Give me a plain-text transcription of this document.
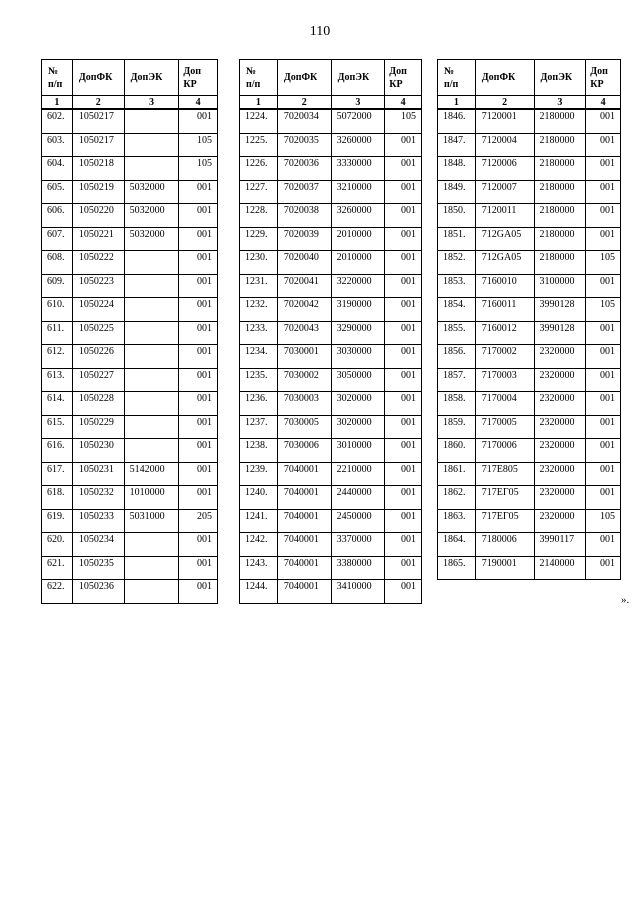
110
№
п/п	ДопФК	ДопЭК	Доп
КР
1	2	3	4
602.	1050217		001
603.	1050217		105
604.	1050218		105
605.	1050219	5032000	001
606.	1050220	5032000	001
607.	1050221	5032000	001
608.	1050222		001
609.	1050223		001
610.	1050224		001
611.	1050225		001
612.	1050226		001
613.	1050227		001
614.	1050228		001
615.	1050229		001
616.	1050230		001
617.	1050231	5142000	001
618.	1050232	1010000	001
619.	1050233	5031000	205
620.	1050234		001
621.	1050235		001
622.	1050236		001
№
п/п	ДопФК	ДопЭК	Доп
КР
1	2	3	4
1224.	7020034	5072000	105
1225.	7020035	3260000	001
1226.	7020036	3330000	001
1227.	7020037	3210000	001
1228.	7020038	3260000	001
1229.	7020039	2010000	001
1230.	7020040	2010000	001
1231.	7020041	3220000	001
1232.	7020042	3190000	001
1233.	7020043	3290000	001
1234.	7030001	3030000	001
1235.	7030002	3050000	001
1236.	7030003	3020000	001
1237.	7030005	3020000	001
1238.	7030006	3010000	001
1239.	7040001	2210000	001
1240.	7040001	2440000	001
1241.	7040001	2450000	001
1242.	7040001	3370000	001
1243.	7040001	3380000	001
1244.	7040001	3410000	001
№
п/п	ДопФК	ДопЭК	Доп
КР
1	2	3	4
1846.	7120001	2180000	001
1847.	7120004	2180000	001
1848.	7120006	2180000	001
1849.	7120007	2180000	001
1850.	7120011	2180000	001
1851.	712GA05	2180000	001
1852.	712GA05	2180000	105
1853.	7160010	3100000	001
1854.	7160011	3990128	105
1855.	7160012	3990128	001
1856.	7170002	2320000	001
1857.	7170003	2320000	001
1858.	7170004	2320000	001
1859.	7170005	2320000	001
1860.	7170006	2320000	001
1861.	717E805	2320000	001
1862.	717ЕГ05	2320000	001
1863.	717ЕГ05	2320000	105
1864.	7180006	3990117	001
1865.	7190001	2140000	001
».
